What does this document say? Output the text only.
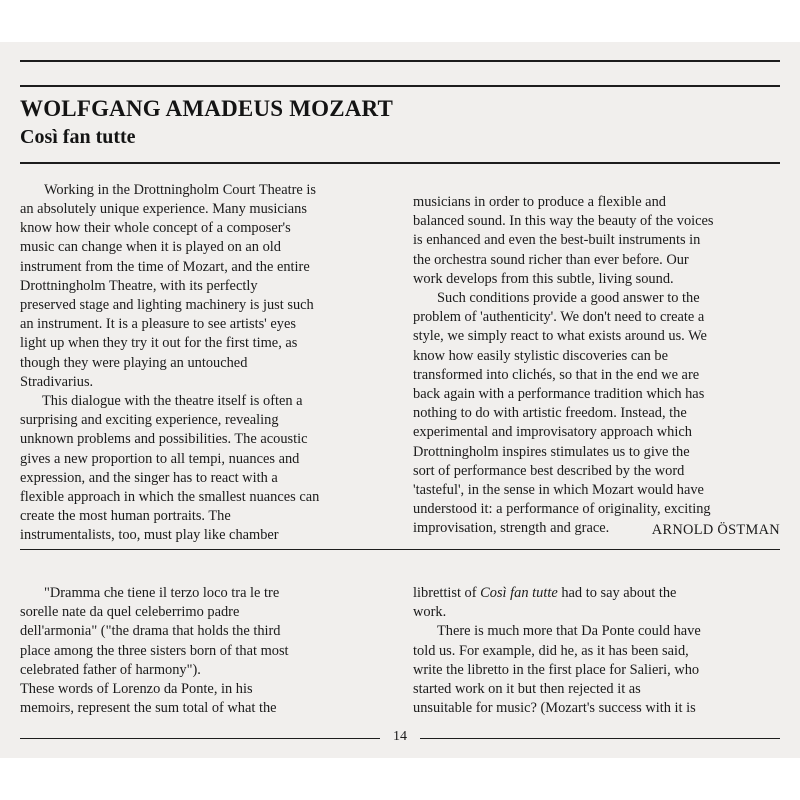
WOLFGANG AMADEUS MOZART
Così fan tutte
Working in the Drottningholm Court Theatre is
an absolutely unique experience. Many musicians
know how their whole concept of a composer's
music can change when it is played on an old
instrument from the time of Mozart, and the entire
Drottningholm Theatre, with its perfectly
preserved stage and lighting machinery is just such
an instrument. It is a pleasure to see artists' eyes
light up when they try it out for the first time, as
though they were playing an untouched
Stradivarius.
This dialogue with the theatre itself is often a
surprising and exciting experience, revealing
unknown problems and possibilities. The acoustic
gives a new proportion to all tempi, nuances and
expression, and the singer has to react with a
flexible approach in which the smallest nuances can
create the most human portraits. The
instrumentalists, too, must play like chamber
musicians in order to produce a flexible and
balanced sound. In this way the beauty of the voices
is enhanced and even the best-built instruments in
the orchestra sound richer than ever before. Our
work develops from this subtle, living sound.
Such conditions provide a good answer to the
problem of 'authenticity'. We don't need to create a
style, we simply react to what exists around us. We
know how easily stylistic discoveries can be
transformed into clichés, so that in the end we are
back again with a performance tradition which has
nothing to do with artistic freedom. Instead, the
experimental and improvisatory approach which
Drottningholm inspires stimulates us to give the
sort of performance best described by the word
'tasteful', in the sense in which Mozart would have
understood it: a performance of originality, exciting
improvisation, strength and grace.	ARNOLD ÖSTMAN
"Dramma che tiene il terzo loco tra le tre
sorelle nate da quel celeberrimo padre
dell'armonia" ("the drama that holds the third
place among the three sisters born of that most
celebrated father of harmony").
These words of Lorenzo da Ponte, in his
memoirs, represent the sum total of what the
librettist of Così fan tutte had to say about the
work.
There is much more that Da Ponte could have
told us. For example, did he, as it has been said,
write the libretto in the first place for Salieri, who
started work on it but then rejected it as
unsuitable for music? (Mozart's success with it is
14
